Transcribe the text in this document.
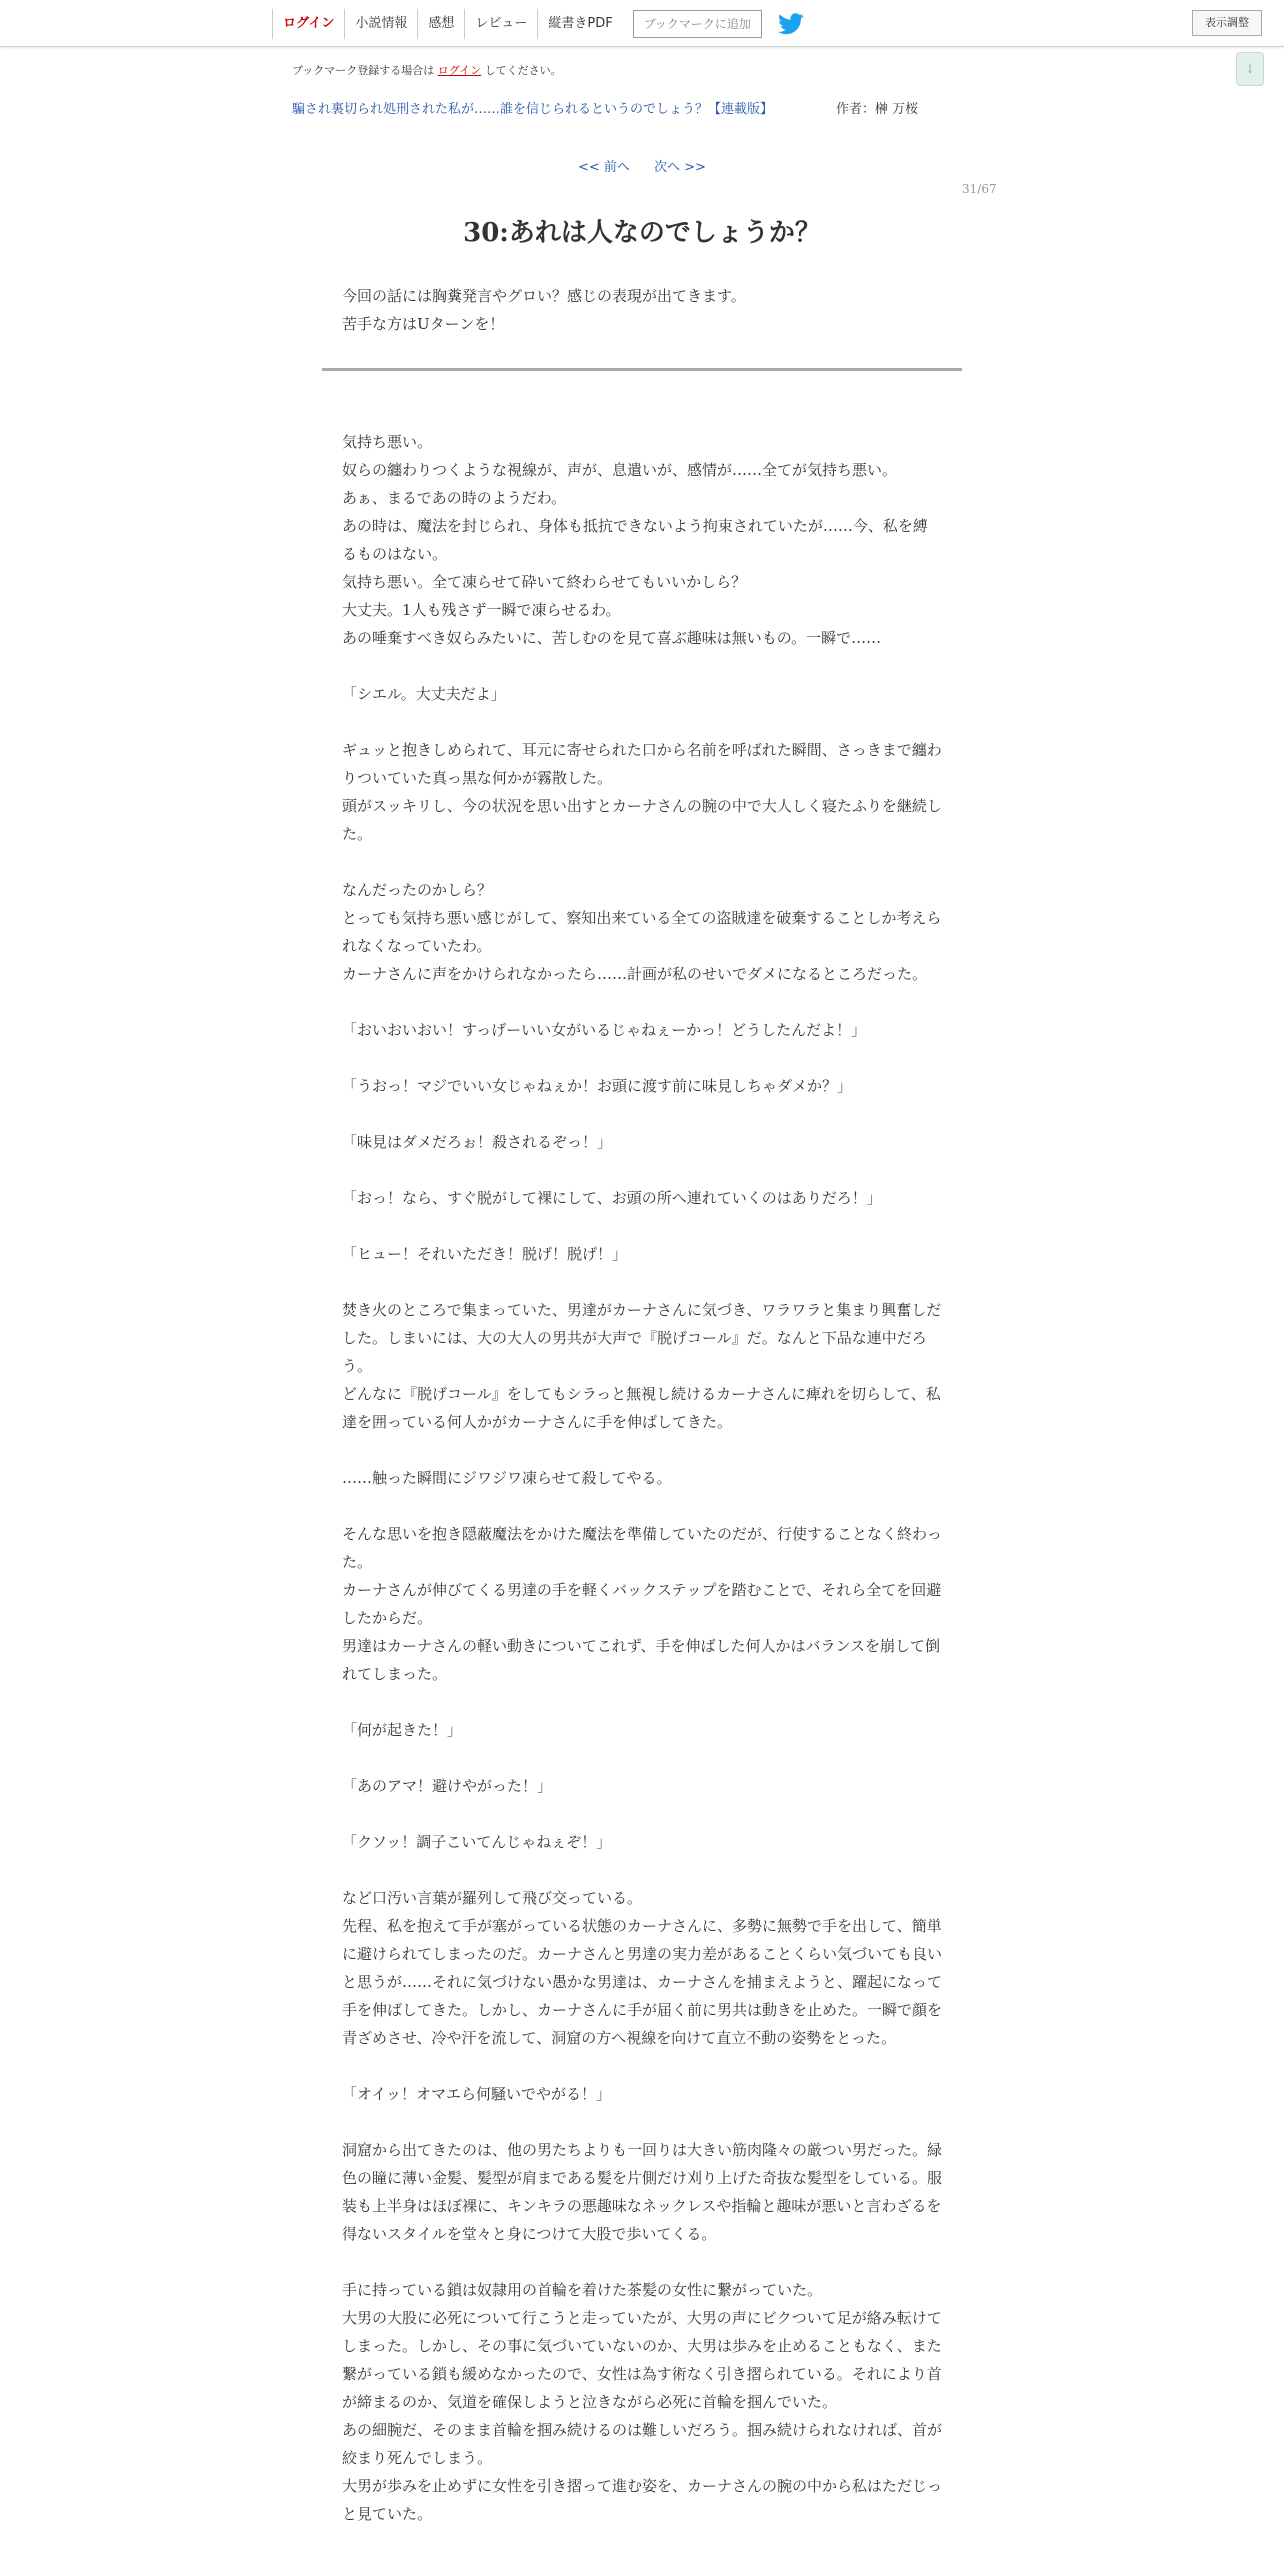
ログイン	小説情報	感想	レビュー	縦書きPDF	ブックマークに追加	表示調整
↓
ブックマーク登録する場合は ログイン してください。
騙され裏切られ処刑された私が……誰を信じられるというのでしょう？【連載版】	作者：榊 万桜
<< 前へ 次へ >>
31/67
30:あれは人なのでしょうか？

今回の話には胸糞発言やグロい？感じの表現が出てきます。

苦手な方はUターンを！

気持ち悪い。

奴らの纏わりつくような視線が、声が、息遣いが、感情が……全てが気持ち悪い。

あぁ、まるであの時のようだわ。

あの時は、魔法を封じられ、身体も抵抗できないよう拘束されていたが……今、私を縛るものはない。

気持ち悪い。全て凍らせて砕いて終わらせてもいいかしら？

大丈夫。1人も残さず一瞬で凍らせるわ。

あの唾棄すべき奴らみたいに、苦しむのを見て喜ぶ趣味は無いもの。一瞬で……

「シエル。大丈夫だよ」

ギュッと抱きしめられて、耳元に寄せられた口から名前を呼ばれた瞬間、さっきまで纏わりついていた真っ黒な何かが霧散した。

頭がスッキリし、今の状況を思い出すとカーナさんの腕の中で大人しく寝たふりを継続した。

なんだったのかしら？

とっても気持ち悪い感じがして、察知出来ている全ての盗賊達を破棄することしか考えられなくなっていたわ。

カーナさんに声をかけられなかったら……計画が私のせいでダメになるところだった。

「おいおいおい！すっげーいい女がいるじゃねぇーかっ！どうしたんだよ！」

「うおっ！マジでいい女じゃねぇか！お頭に渡す前に味見しちゃダメか？」

「味見はダメだろぉ！殺されるぞっ！」

「おっ！なら、すぐ脱がして裸にして、お頭の所へ連れていくのはありだろ！」

「ヒュー！それいただき！脱げ！脱げ！」

焚き火のところで集まっていた、男達がカーナさんに気づき、ワラワラと集まり興奮しだした。しまいには、大の大人の男共が大声で『脱げコール』だ。なんと下品な連中だろう。

どんなに『脱げコール』をしてもシラっと無視し続けるカーナさんに痺れを切らして、私達を囲っている何人かがカーナさんに手を伸ばしてきた。

……触った瞬間にジワジワ凍らせて殺してやる。

そんな思いを抱き隠蔽魔法をかけた魔法を準備していたのだが、行使することなく終わった。

カーナさんが伸びてくる男達の手を軽くバックステップを踏むことで、それら全てを回避したからだ。

男達はカーナさんの軽い動きについてこれず、手を伸ばした何人かはバランスを崩して倒れてしまった。

「何が起きた！」

「あのアマ！避けやがった！」

「クソッ！調子こいてんじゃねぇぞ！」

など口汚い言葉が羅列して飛び交っている。

先程、私を抱えて手が塞がっている状態のカーナさんに、多勢に無勢で手を出して、簡単に避けられてしまったのだ。カーナさんと男達の実力差があることくらい気づいても良いと思うが……それに気づけない愚かな男達は、カーナさんを捕まえようと、躍起になって手を伸ばしてきた。しかし、カーナさんに手が届く前に男共は動きを止めた。一瞬で顔を青ざめさせ、冷や汗を流して、洞窟の方へ視線を向けて直立不動の姿勢をとった。

「オイッ！オマエら何騒いでやがる！」

洞窟から出てきたのは、他の男たちよりも一回りは大きい筋肉隆々の厳つい男だった。緑色の瞳に薄い金髪、髪型が肩まである髪を片側だけ刈り上げた奇抜な髪型をしている。服装も上半身はほぼ裸に、キンキラの悪趣味なネックレスや指輪と趣味が悪いと言わざるを得ないスタイルを堂々と身につけて大股で歩いてくる。

手に持っている鎖は奴隷用の首輪を着けた茶髪の女性に繋がっていた。

大男の大股に必死について行こうと走っていたが、大男の声にビクついて足が絡み転けてしまった。しかし、その事に気づいていないのか、大男は歩みを止めることもなく、また繋がっている鎖も緩めなかったので、女性は為す術なく引き摺られている。それにより首が締まるのか、気道を確保しようと泣きながら必死に首輪を掴んでいた。

あの細腕だ、そのまま首輪を掴み続けるのは難しいだろう。掴み続けられなければ、首が絞まり死んでしまう。

大男が歩みを止めずに女性を引き摺って進む姿を、カーナさんの腕の中から私はただじっと見ていた。
